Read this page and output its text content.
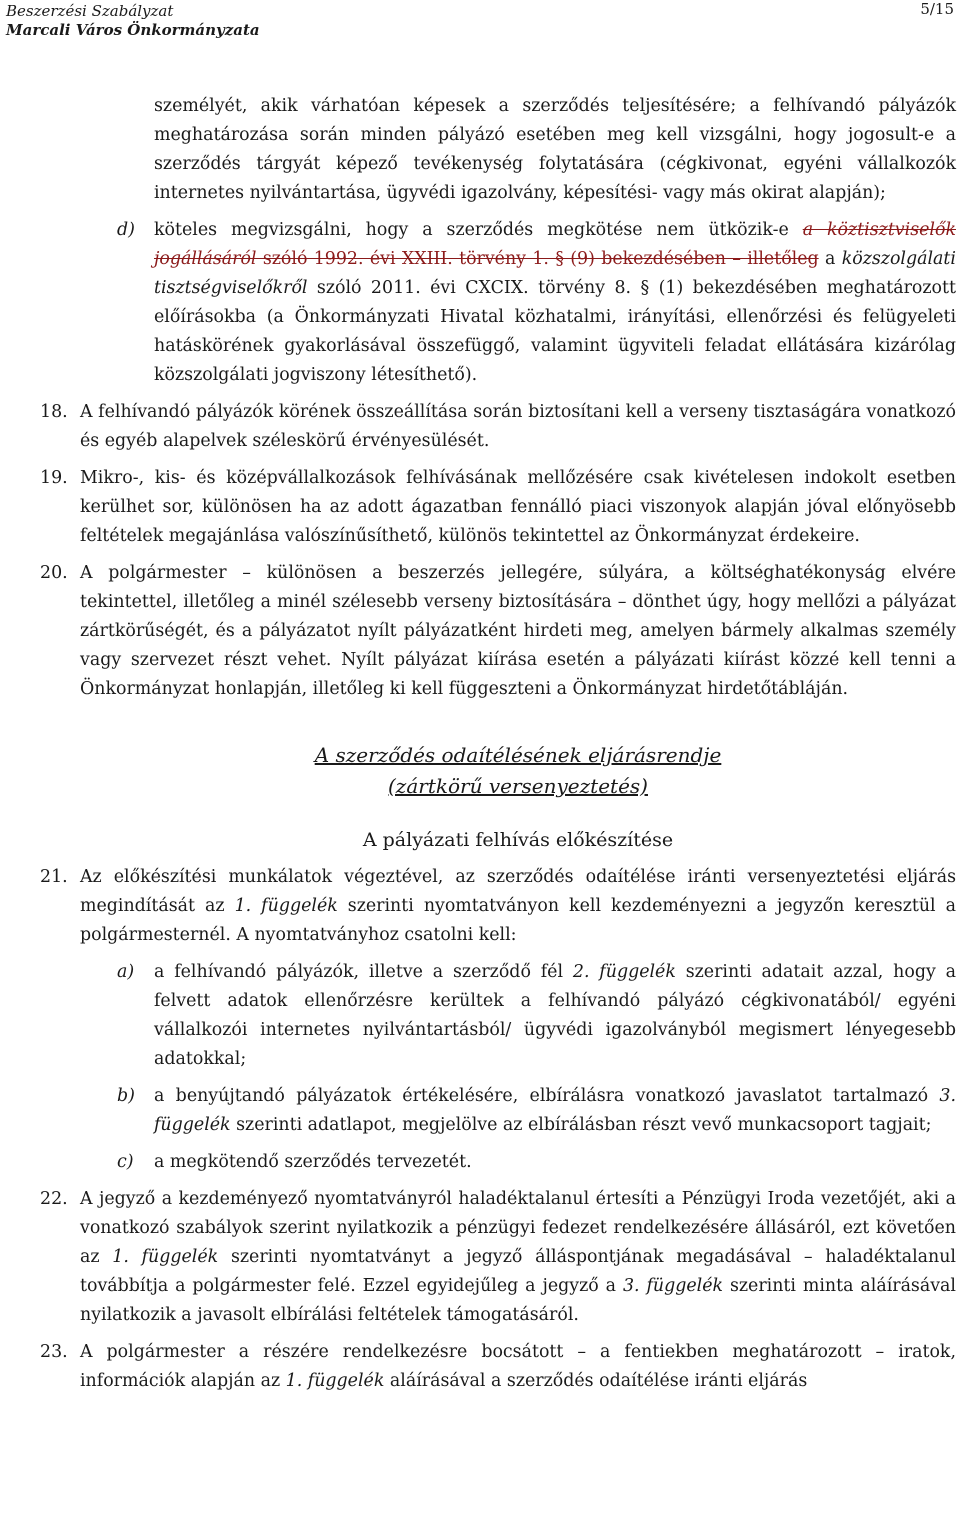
Beszerzési Szabályzat
Marcali Város Önkormányzata
5/15
személyét, akik várhatóan képesek a szerződés teljesítésére; a felhívandó pályázók meghatározása során minden pályázó esetében meg kell vizsgálni, hogy jogosult-e a szerződés tárgyát képező tevékenység folytatására (cégkivonat, egyéni vállalkozók internetes nyilvántartása, ügyvédi igazolvány, képesítési- vagy más okirat alapján);
d) köteles megvizsgálni, hogy a szerződés megkötése nem ütközik-e a köztisztviselők jogállásáról szóló 1992. évi XXIII. törvény 1. § (9) bekezdésében – illetőleg a közszolgálati tisztségviselőkről szóló 2011. évi CXCIX. törvény 8. § (1) bekezdésében meghatározott előírásokba (a Önkormányzati Hivatal közhatalmi, irányítási, ellenőrzési és felügyeleti hatáskörének gyakorlásával összefüggő, valamint ügyviteli feladat ellátására kizárólag közszolgálati jogviszony létesíthető).
18. A felhívandó pályázók körének összeállítása során biztosítani kell a verseny tisztaságára vonatkozó és egyéb alapelvek széleskörű érvényesülését.
19. Mikro-, kis- és középvállalkozások felhívásának mellőzésére csak kivételesen indokolt esetben kerülhet sor, különösen ha az adott ágazatban fennálló piaci viszonyok alapján jóval előnyösebb feltételek megajánlása valószínűsíthető, különös tekintettel az Önkormányzat érdekeire.
20. A polgármester – különösen a beszerzés jellegére, súlyára, a költséghatékonyság elvére tekintettel, illetőleg a minél szélesebb verseny biztosítására – dönthet úgy, hogy mellőzi a pályázat zártkörűségét, és a pályázatot nyílt pályázatként hirdeti meg, amelyen bármely alkalmas személy vagy szervezet részt vehet. Nyílt pályázat kiírása esetén a pályázati kiírást közzé kell tenni a Önkormányzat honlapján, illetőleg ki kell függeszteni a Önkormányzat hirdetőtábláján.
A szerződés odaítélésének eljárásrendje
(zártkörű versenyeztetés)
A pályázati felhívás előkészítése
21. Az előkészítési munkálatok végeztével, az szerződés odaítélése iránti versenyeztetési eljárás megindítását az 1. függelék szerinti nyomtatványon kell kezdeményezni a jegyzőn keresztül a polgármesternél. A nyomtatványhoz csatolni kell:
a) a felhívandó pályázók, illetve a szerződő fél 2. függelék szerinti adatait azzal, hogy a felvett adatok ellenőrzésre kerültek a felhívandó pályázó cégkivonatából/ egyéni vállalkozói internetes nyilvántartásból/ ügyvédi igazolványból megismert lényegesebb adatokkal;
b) a benyújtandó pályázatok értékelésére, elbírálásra vonatkozó javaslatot tartalmazó 3. függelék szerinti adatlapot, megjelölve az elbírálásban részt vevő munkacsoport tagjait;
c) a megkötendő szerződés tervezetét.
22. A jegyző a kezdeményező nyomtatványról haladéktalanul értesíti a Pénzügyi Iroda vezetőjét, aki a vonatkozó szabályok szerint nyilatkozik a pénzügyi fedezet rendelkezésére állásáról, ezt követően az 1. függelék szerinti nyomtatványt a jegyző álláspontjának megadásával – haladéktalanul továbbítja a polgármester felé. Ezzel egyidejűleg a jegyző a 3. függelék szerinti minta aláírásával nyilatkozik a javasolt elbírálási feltételek támogatásáról.
23. A polgármester a részére rendelkezésre bocsátott – a fentiekben meghatározott – iratok, információk alapján az 1. függelék aláírásával a szerződés odaítélése iránti eljárás
